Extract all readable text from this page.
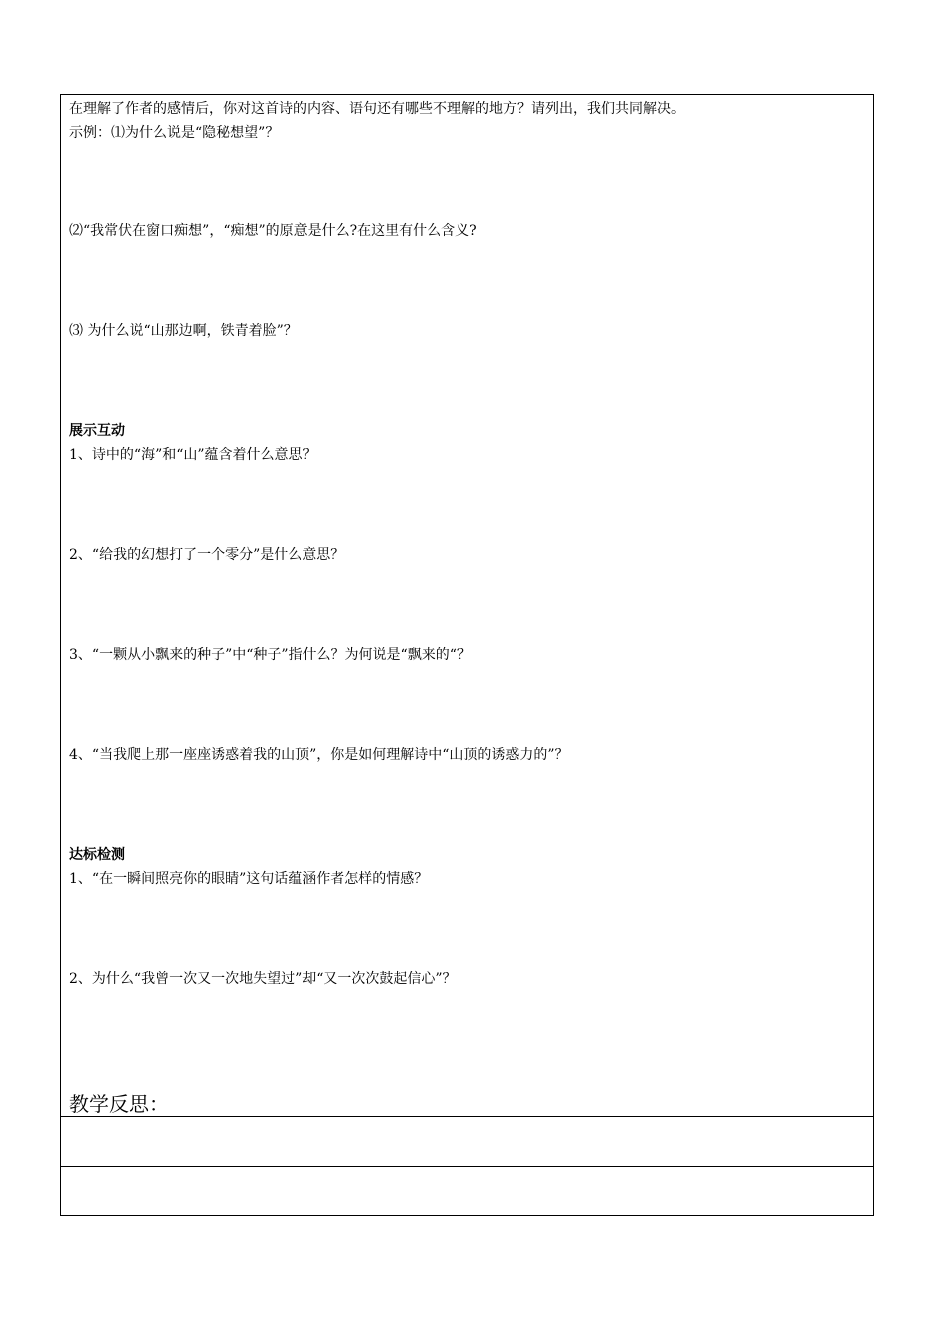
在理解了作者的感情后，你对这首诗的内容、语句还有哪些不理解的地方？请列出，我们共同解决。
示例：⑴为什么说是“隐秘想望”？
⑵“我常伏在窗口痴想”，“痴想”的原意是什么?在这里有什么含义?
⑶ 为什么说“山那边啊，铁青着脸”？
展示互动
1、诗中的“海”和“山”蕴含着什么意思？
2、“给我的幻想打了一个零分”是什么意思？
3、“一颗从小飘来的种子”中“种子”指什么？为何说是“飘来的“？
4、“当我爬上那一座座诱惑着我的山顶”，你是如何理解诗中“山顶的诱惑力的”？
达标检测
1、“在一瞬间照亮你的眼睛”这句话蕴涵作者怎样的情感？
2、为什么“我曾一次又一次地失望过”却“又一次次鼓起信心”？
教学反思：
